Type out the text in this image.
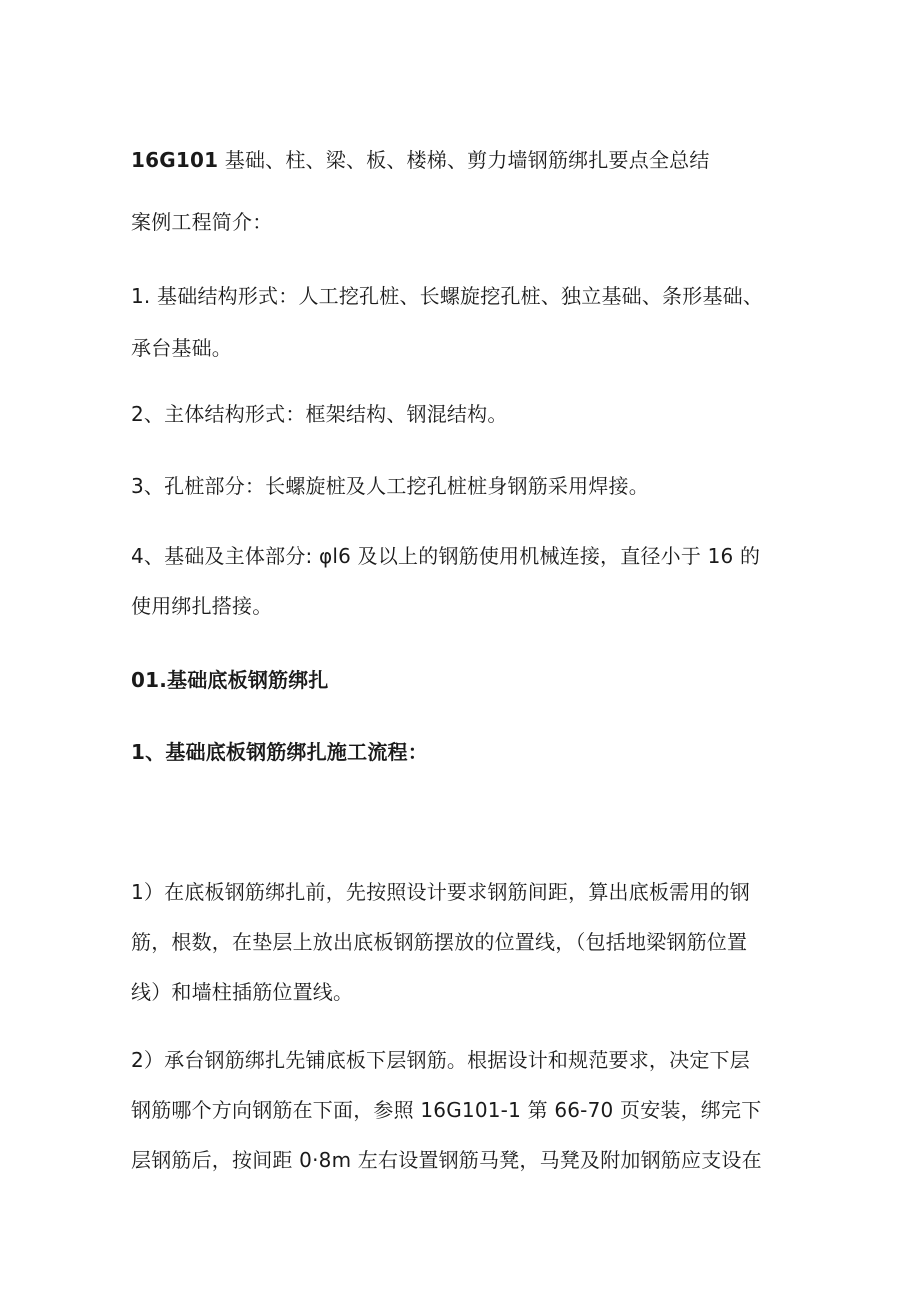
16G101 基础、柱、梁、板、楼梯、剪力墙钢筋绑扎要点全总结
案例工程简介：
1. 基础结构形式：人工挖孔桩、长螺旋挖孔桩、独立基础、条形基础、
承台基础。
2、主体结构形式：框架结构、钢混结构。
3、孔桩部分：长螺旋桩及人工挖孔桩桩身钢筋采用焊接。
4、基础及主体部分: φl6 及以上的钢筋使用机械连接，直径小于 16 的
使用绑扎搭接。
01.基础底板钢筋绑扎
1、基础底板钢筋绑扎施工流程：
1）在底板钢筋绑扎前，先按照设计要求钢筋间距，算出底板需用的钢
筋，根数，在垫层上放出底板钢筋摆放的位置线，（包括地梁钢筋位置
线）和墙柱插筋位置线。
2）承台钢筋绑扎先铺底板下层钢筋。根据设计和规范要求，决定下层
钢筋哪个方向钢筋在下面，参照 16G101-1 第 66-70 页安装，绑完下
层钢筋后，按间距 0·8m 左右设置钢筋马凳，马凳及附加钢筋应支设在
